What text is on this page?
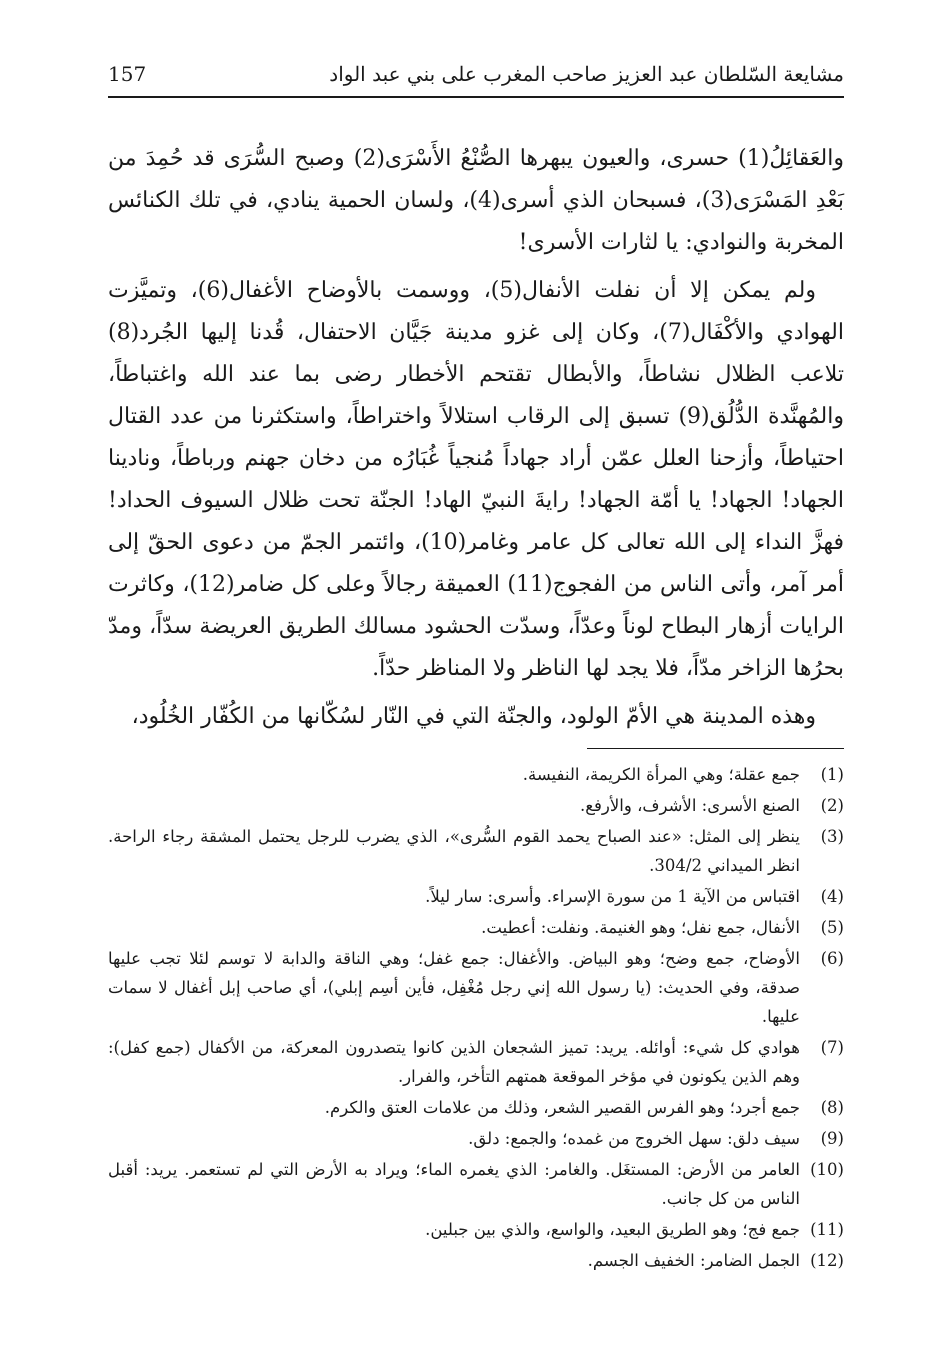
مشايعة السّلطان عبد العزيز صاحب المغرب على بني عبد الواد
157

والعَقائِلُ(1) حسرى، والعيون يبهرها الصُّنْعُ الأَسْرَى(2) وصبح السُّرَى قد حُمِدَ من بَعْدِ المَسْرَى(3)، فسبحان الذي أسرى(4)، ولسان الحمية ينادي، في تلك الكنائس المخربة والنوادي: يا لثارات الأسرى!

ولم يمكن إلا أن نفلت الأنفال(5)، ووسمت بالأوضاح الأغفال(6)، وتميَّزت الهوادي والأكْفَال(7)، وكان إلى غزو مدينة جَيَّان الاحتفال، قُدنا إليها الجُرد(8) تلاعب الظلال نشاطاً، والأبطال تقتحم الأخطار رضى بما عند الله واغتباطاً، والمُهنَّدة الدُّلُق(9) تسبق إلى الرقاب استلالاً واختراطاً، واستكثرنا من عدد القتال احتياطاً، وأزحنا العلل عمّن أراد جهاداً مُنجياً غُبَارُه من دخان جهنم ورباطاً، ونادينا الجهاد! الجهاد! يا أمّة الجهاد! رايةَ النبيّ الهاد! الجنّة تحت ظلال السيوف الحداد! فهزَّ النداء إلى الله تعالى كل عامر وغامر(10)، وائتمر الجمّ من دعوى الحقّ إلى أمر آمر، وأتى الناس من الفجوج(11) العميقة رجالاً وعلى كل ضامر(12)، وكاثرت الرايات أزهار البطاح لوناً وعدّاً، وسدّت الحشود مسالك الطريق العريضة سدّاً، ومدّ بحرُها الزاخر مدّاً، فلا يجد لها الناظر ولا المناظر حدّاً.

وهذه المدينة هي الأمّ الولود، والجنّة التي في النّار لسُكّانها من الكُفّار الخُلُود،

(1)
جمع عقلة؛ وهي المرأة الكريمة، النفيسة.
(2)
الصنع الأسرى: الأشرف، والأرفع.
(3)
ينظر إلى المثل: «عند الصباح يحمد القوم السُّرى»، الذي يضرب للرجل يحتمل المشقة رجاء الراحة. انظر الميداني 304/2.
(4)
اقتباس من الآية 1 من سورة الإسراء. وأسرى: سار ليلاً.
(5)
الأنفال، جمع نفل؛ وهو الغنيمة. ونفلت: أعطيت.
(6)
الأوضاح، جمع وضح؛ وهو البياض. والأغفال: جمع غفل؛ وهي الناقة والدابة لا توسم لئلا تجب عليها صدقة، وفي الحديث: (يا رسول الله إني رجل مُغْفِل، فأين أسِم إبلي)، أي صاحب إبل أغفال لا سمات عليها.
(7)
هوادي كل شيء: أوائله. يريد: تميز الشجعان الذين كانوا يتصدرون المعركة، من الأكفال (جمع كفل): وهم الذين يكونون في مؤخر الموقعة همتهم التأخر، والفرار.
(8)
جمع أجرد؛ وهو الفرس القصير الشعر، وذلك من علامات العتق والكرم.
(9)
سيف دلق: سهل الخروج من غمده؛ والجمع: دلق.
(10)
العامر من الأرض: المستغَل. والغامر: الذي يغمره الماء؛ ويراد به الأرض التي لم تستعمر. يريد: أقبل الناس من كل جانب.
(11)
جمع فج؛ وهو الطريق البعيد، والواسع، والذي بين جبلين.
(12)
الجمل الضامر: الخفيف الجسم.
